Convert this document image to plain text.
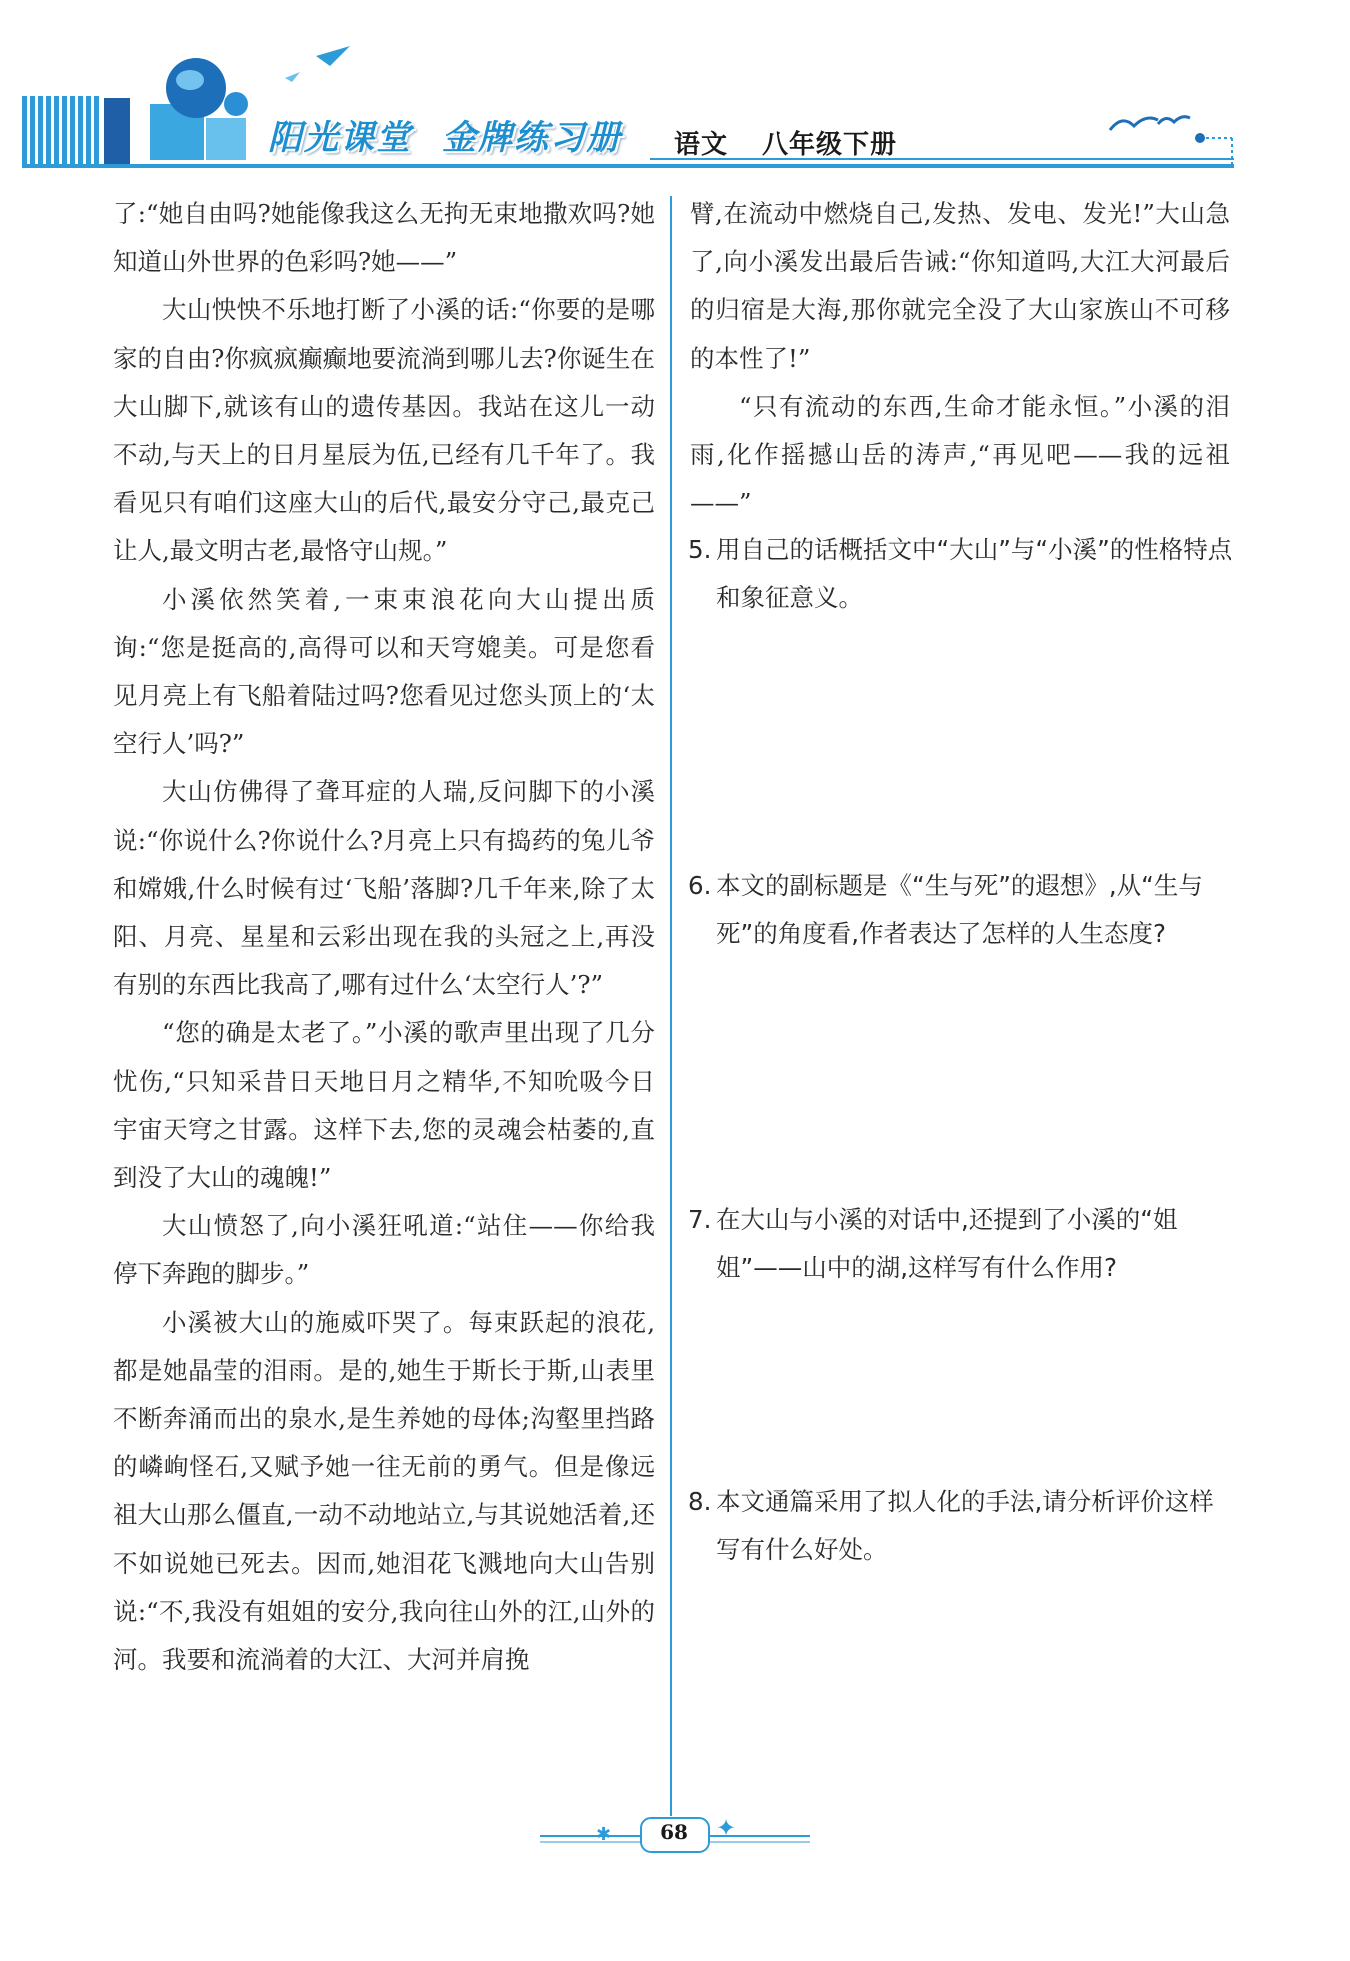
阳光课堂 金牌练习册	语文 八年级下册

了:“她自由吗?她能像我这么无拘无束地撒欢吗?她知道山外世界的色彩吗?她——”

大山怏怏不乐地打断了小溪的话:“你要的是哪家的自由?你疯疯癫癫地要流淌到哪儿去?你诞生在大山脚下,就该有山的遗传基因。我站在这儿一动不动,与天上的日月星辰为伍,已经有几千年了。我看见只有咱们这座大山的后代,最安分守己,最克己让人,最文明古老,最恪守山规。”

小溪依然笑着,一束束浪花向大山提出质询:“您是挺高的,高得可以和天穹媲美。可是您看见月亮上有飞船着陆过吗?您看见过您头顶上的‘太空行人’吗?”

大山仿佛得了聋耳症的人瑞,反问脚下的小溪说:“你说什么?你说什么?月亮上只有捣药的兔儿爷和嫦娥,什么时候有过‘飞船’落脚?几千年来,除了太阳、月亮、星星和云彩出现在我的头冠之上,再没有别的东西比我高了,哪有过什么‘太空行人’?”

“您的确是太老了。”小溪的歌声里出现了几分忧伤,“只知采昔日天地日月之精华,不知吮吸今日宇宙天穹之甘露。这样下去,您的灵魂会枯萎的,直到没了大山的魂魄!”

大山愤怒了,向小溪狂吼道:“站住——你给我停下奔跑的脚步。”

小溪被大山的施威吓哭了。每束跃起的浪花,都是她晶莹的泪雨。是的,她生于斯长于斯,山表里不断奔涌而出的泉水,是生养她的母体;沟壑里挡路的嶙峋怪石,又赋予她一往无前的勇气。但是像远祖大山那么僵直,一动不动地站立,与其说她活着,还不如说她已死去。因而,她泪花飞溅地向大山告别说:“不,我没有姐姐的安分,我向往山外的江,山外的河。我要和流淌着的大江、大河并肩挽

臂,在流动中燃烧自己,发热、发电、发光!”大山急了,向小溪发出最后告诫:“你知道吗,大江大河最后的归宿是大海,那你就完全没了大山家族山不可移的本性了!”

“只有流动的东西,生命才能永恒。”小溪的泪雨,化作摇撼山岳的涛声,“再见吧——我的远祖——”

5. 用自己的话概括文中“大山”与“小溪”的性格特点和象征意义。
6. 本文的副标题是《“生与死”的遐想》,从“生与死”的角度看,作者表达了怎样的人生态度?
7. 在大山与小溪的对话中,还提到了小溪的“姐姐”——山中的湖,这样写有什么作用?
8. 本文通篇采用了拟人化的手法,请分析评价这样写有什么好处。
✱	✦
68
